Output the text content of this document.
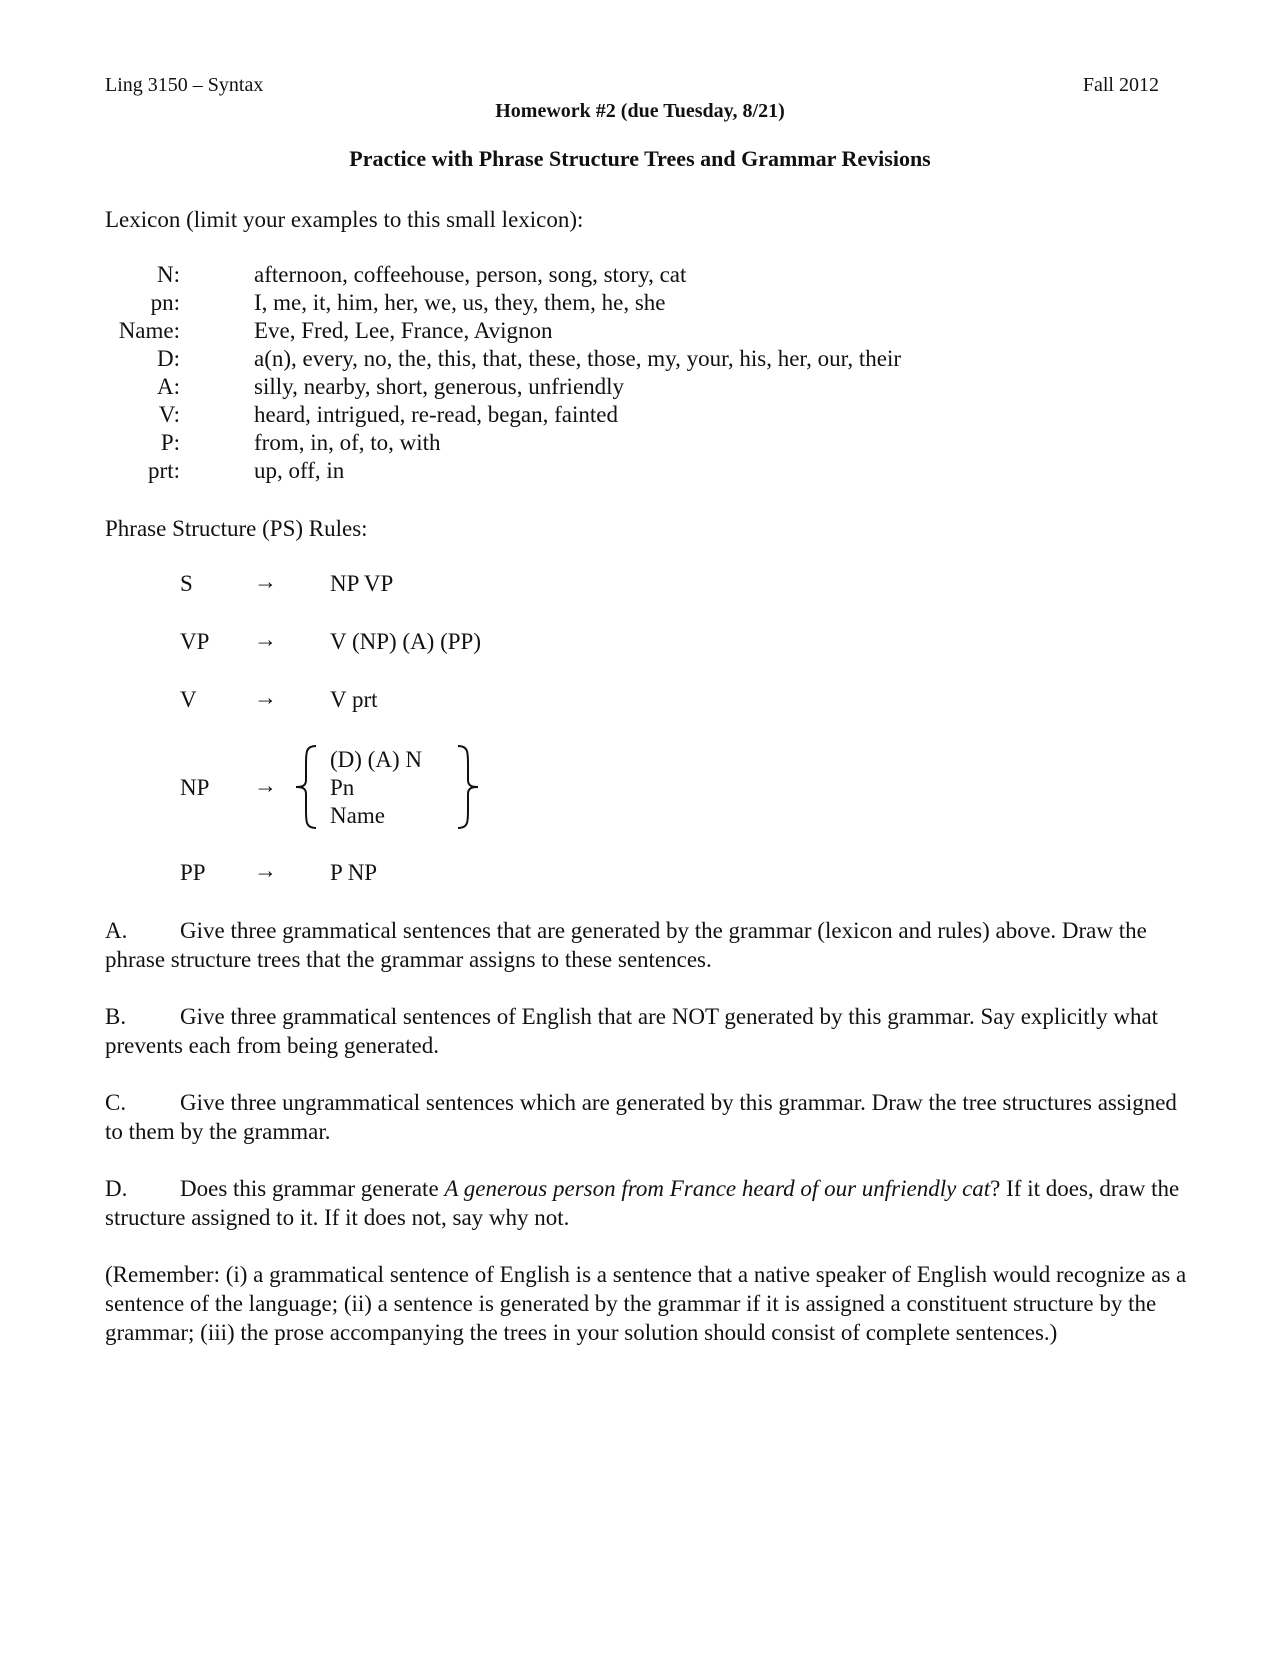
Ling 3150 – Syntax	Fall 2012
Homework #2 (due Tuesday, 8/21)
Practice with Phrase Structure Trees and Grammar Revisions
Lexicon (limit your examples to this small lexicon):
N:	afternoon, coffeehouse, person, song, story, cat
pn:	I, me, it, him, her, we, us, they, them, he, she
Name:	Eve, Fred, Lee, France, Avignon
D:	a(n), every, no, the, this, that, these, those, my, your, his, her, our, their
A:	silly, nearby, short, generous, unfriendly
V:	heard, intrigued, re-read, began, fainted
P:	from, in, of, to, with
prt:	up, off, in
Phrase Structure (PS) Rules:
S	→ NP VP
VP → V (NP) (A) (PP)
V → V prt
NP →
(D) (A) N
Pn
Name
PP → P NP
A. Give three grammatical sentences that are generated by the grammar (lexicon and rules) above. Draw the phrase structure trees that the grammar assigns to these sentences.
B. Give three grammatical sentences of English that are NOT generated by this grammar. Say explicitly what prevents each from being generated.
C. Give three ungrammatical sentences which are generated by this grammar. Draw the tree structures assigned to them by the grammar.
D. Does this grammar generate A generous person from France heard of our unfriendly cat? If it does, draw the structure assigned to it. If it does not, say why not.
(Remember: (i) a grammatical sentence of English is a sentence that a native speaker of English would recognize as a sentence of the language; (ii) a sentence is generated by the grammar if it is assigned a constituent structure by the grammar; (iii) the prose accompanying the trees in your solution should consist of complete sentences.)
